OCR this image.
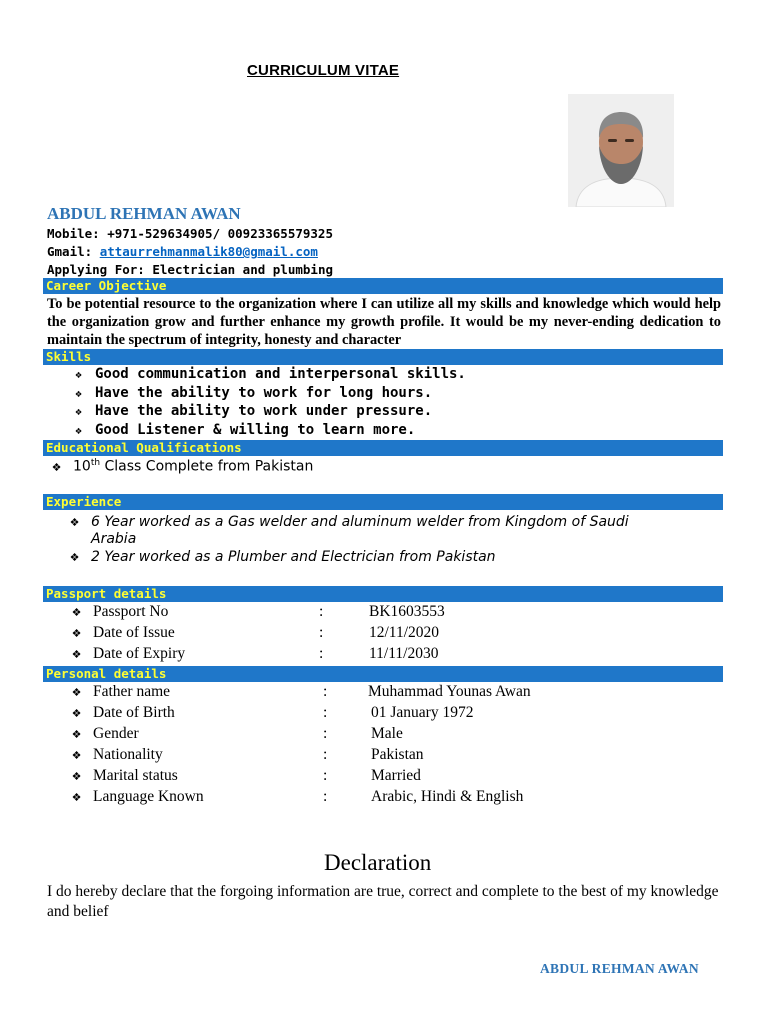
CURRICULUM VITAE
ABDUL REHMAN AWAN
Mobile: +971-529634905/ 00923365579325
Gmail: attaurrehmanmalik80@gmail.com
Applying For: Electrician and plumbing
Career Objective
To be potential resource to the organization where I can utilize all my skills and knowledge which would help the organization grow and further enhance my growth profile. It would be my never-ending dedication to maintain the spectrum of integrity, honesty and character
Skills
❖ Good communication and interpersonal skills.
❖ Have the ability to work for long hours.
❖ Have the ability to work under pressure.
❖ Good Listener & willing to learn more.
Educational Qualifications
❖ 10th Class Complete from Pakistan
Experience
❖ 6 Year worked as a Gas welder and aluminum welder from Kingdom of Saudi
Arabia
❖ 2 Year worked as a Plumber and Electrician from Pakistan
Passport details
❖ Passport No	:	BK1603553
❖ Date of Issue	:	12/11/2020
❖ Date of Expiry	:	11/11/2030
Personal details
❖ Father name	:	Muhammad Younas Awan
❖ Date of Birth	:	01 January 1972
❖ Gender	:	Male
❖ Nationality	:	Pakistan
❖ Marital status	:	Married
❖ Language Known	:	Arabic, Hindi & English
Declaration
I do hereby declare that the forgoing information are true, correct and complete to the best of my knowledge and belief
ABDUL REHMAN AWAN
